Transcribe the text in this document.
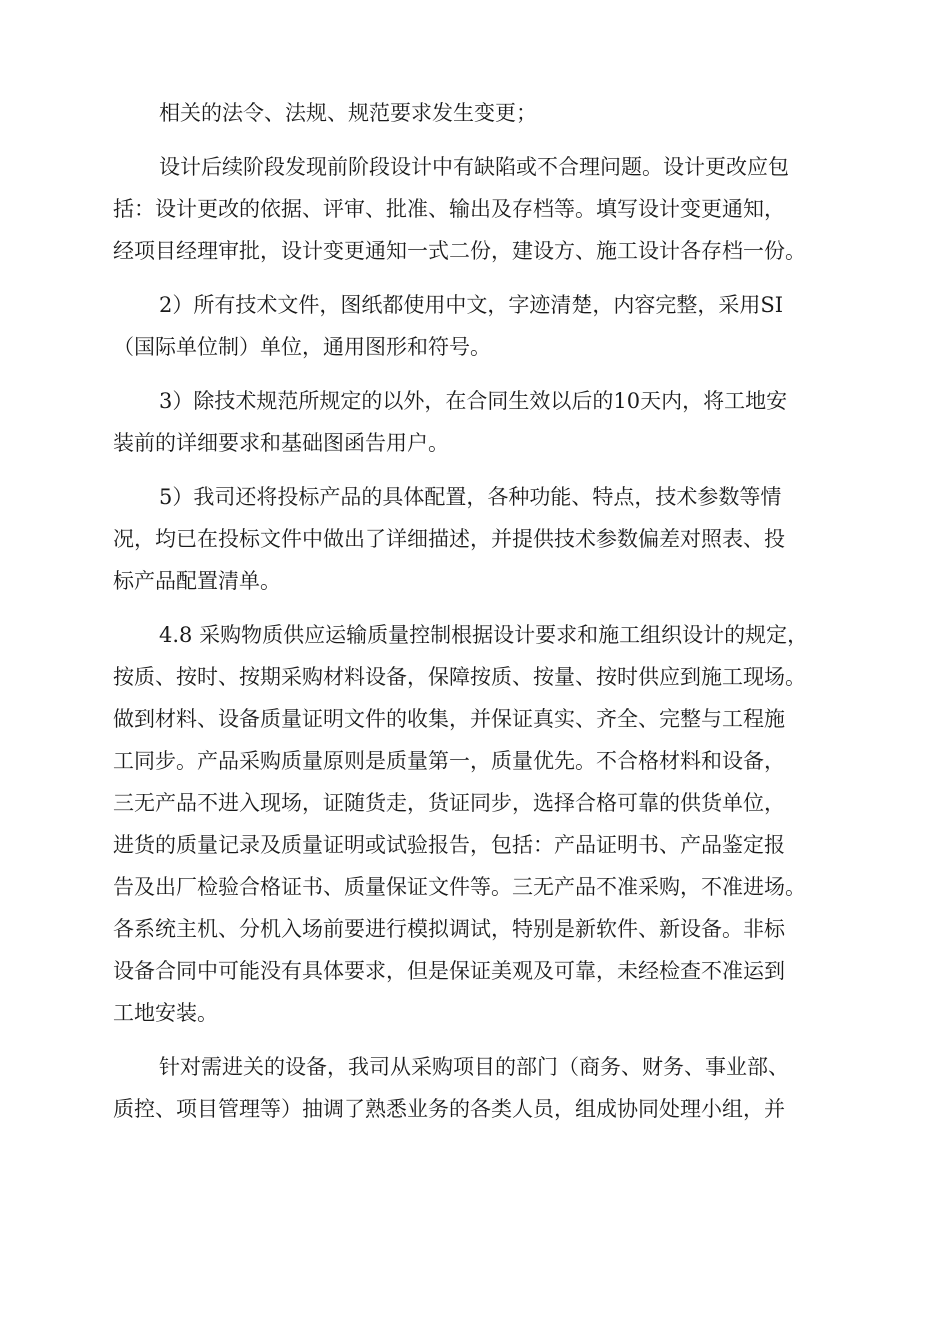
相关的法令、法规、规范要求发生变更；

设计后续阶段发现前阶段设计中有缺陷或不合理问题。设计更改应包
括：设计更改的依据、评审、批准、输出及存档等。填写设计变更通知，
经项目经理审批，设计变更通知一式二份，建设方、施工设计各存档一份。

2）所有技术文件，图纸都使用中文，字迹清楚，内容完整，采用SI
（国际单位制）单位，通用图形和符号。

3）除技术规范所规定的以外，在合同生效以后的10天内，将工地安
装前的详细要求和基础图函告用户。

5）我司还将投标产品的具体配置，各种功能、特点，技术参数等情
况，均已在投标文件中做出了详细描述，并提供技术参数偏差对照表、投
标产品配置清单。

4.8 采购物质供应运输质量控制根据设计要求和施工组织设计的规定，
按质、按时、按期采购材料设备，保障按质、按量、按时供应到施工现场。
做到材料、设备质量证明文件的收集，并保证真实、齐全、完整与工程施
工同步。产品采购质量原则是质量第一，质量优先。不合格材料和设备，
三无产品不进入现场，证随货走，货证同步，选择合格可靠的供货单位，
进货的质量记录及质量证明或试验报告，包括：产品证明书、产品鉴定报
告及出厂检验合格证书、质量保证文件等。三无产品不准采购，不准进场。
各系统主机、分机入场前要进行模拟调试，特别是新软件、新设备。非标
设备合同中可能没有具体要求，但是保证美观及可靠，未经检查不准运到
工地安装。

针对需进关的设备，我司从采购项目的部门（商务、财务、事业部、
质控、项目管理等）抽调了熟悉业务的各类人员，组成协同处理小组，并
